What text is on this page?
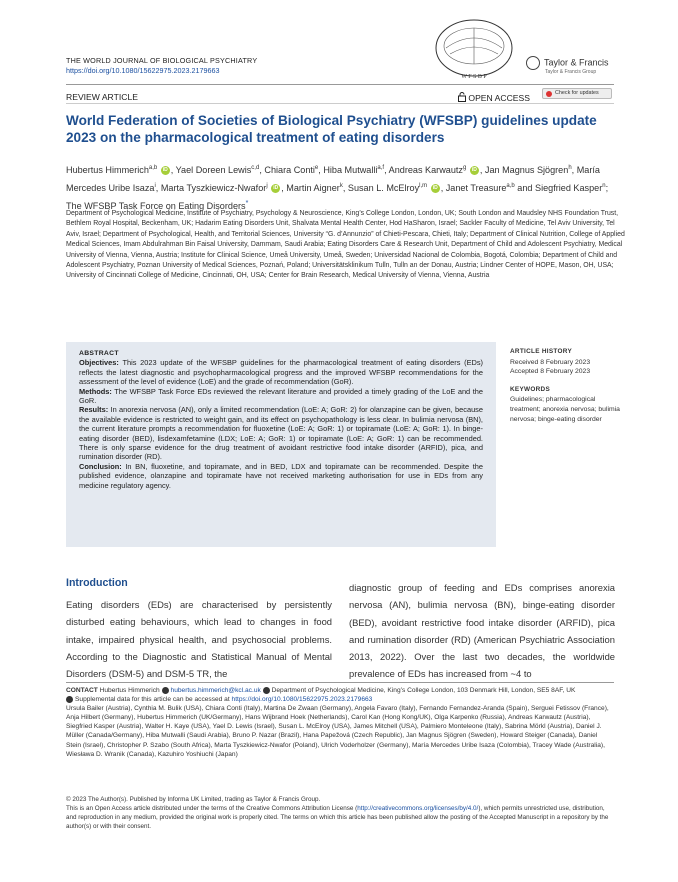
THE WORLD JOURNAL OF BIOLOGICAL PSYCHIATRY
https://doi.org/10.1080/15622975.2023.2179663
W F S B P
Taylor & Francis
Taylor & Francis Group
REVIEW ARTICLE	OPEN ACCESS	Check for updates
World Federation of Societies of Biological Psychiatry (WFSBP) guidelines update 2023 on the pharmacological treatment of eating disorders
Hubertus Himmerich$^{a,b}$ iD , Yael Doreen Lewis$^{c,d}$, Chiara Conti$^e$, Hiba Mutwalli$^{a,f}$, Andreas Karwautz$^g$ iD , Jan Magnus Sjögren$^h$, María Mercedes Uribe Isaza$^i$, Marta Tyszkiewicz-Nwafor$^j$ iD , Martin Aigner$^k$, Susan L. McElroy$^{l,m}$ iD , Janet Treasure$^{a,b}$ and Siegfried Kasper$^n$; The WFSBP Task Force on Eating Disorders*
Department of Psychological Medicine, Institute of Psychiatry, Psychology & Neuroscience, King’s College London, London, UK; South London and Maudsley NHS Foundation Trust, Bethlem Royal Hospital, Beckenham, UK; Hadarim Eating Disorders Unit, Shalvata Mental Health Center, Hod HaSharon, Israel; Sackler Faculty of Medicine, Tel Aviv University, Tel Aviv, Israel; Department of Psychological, Health, and Territorial Sciences, University “G. d’Annunzio” of Chieti-Pescara, Chieti, Italy; Department of Clinical Nutrition, College of Applied Medical Sciences, Imam Abdulrahman Bin Faisal University, Dammam, Saudi Arabia; Eating Disorders Care & Research Unit, Department of Child and Adolescent Psychiatry, Medical University of Vienna, Vienna, Austria; Institute for Clinical Science, Umeå University, Umeå, Sweden; Universidad Nacional de Colombia, Bogotá, Colombia; Department of Child and Adolescent Psychiatry, Poznan University of Medical Sciences, Poznań, Poland; Universitätsklinikum Tulln, Tulln an der Donau, Austria; Lindner Center of HOPE, Mason, OH, USA; University of Cincinnati College of Medicine, Cincinnati, OH, USA; Center for Brain Research, Medical University of Vienna, Vienna, Austria
ABSTRACT
Objectives: This 2023 update of the WFSBP guidelines for the pharmacological treatment of eating disorders (EDs) reflects the latest diagnostic and psychopharmacological progress and the improved WFSBP recommendations for the assessment of the level of evidence (LoE) and the grade of recommendation (GoR).
Methods: The WFSBP Task Force EDs reviewed the relevant literature and provided a timely grading of the LoE and the GoR.
Results: In anorexia nervosa (AN), only a limited recommendation (LoE: A; GoR: 2) for olanzapine can be given, because the available evidence is restricted to weight gain, and its effect on psychopathology is less clear. In bulimia nervosa (BN), the current literature prompts a recommendation for fluoxetine (LoE: A; GoR: 1) or topiramate (LoE: A; GoR: 1). In binge-eating disorder (BED), lisdexamfetamine (LDX; LoE: A; GoR: 1) or topiramate (LoE: A; GoR: 1) can be recommended. There is only sparse evidence for the drug treatment of avoidant restrictive food intake disorder (ARFID), pica, and rumination disorder (RD).
Conclusion: In BN, fluoxetine, and topiramate, and in BED, LDX and topiramate can be recommended. Despite the published evidence, olanzapine and topiramate have not received marketing authorisation for use in EDs from any medicine regulatory agency.
ARTICLE HISTORY
Received 8 February 2023
Accepted 8 February 2023
KEYWORDS
Guidelines; pharmacological treatment; anorexia nervosa; bulimia nervosa; binge-eating disorder
Introduction
Eating disorders (EDs) are characterised by persistently disturbed eating behaviours, which lead to changes in food intake, impaired physical health, and psychosocial problems. According to the Diagnostic and Statistical Manual of Mental Disorders (DSM-5) and DSM-5 TR, the
diagnostic group of feeding and EDs comprises anorexia nervosa (AN), bulimia nervosa (BN), binge-eating disorder (BED), avoidant restrictive food intake disorder (ARFID), pica and rumination disorder (RD) (American Psychiatric Association 2013, 2022). Over the last two decades, the worldwide prevalence of EDs has increased from ~4 to
CONTACT Hubertus Himmerich hubertus.himmerich@kcl.ac.uk Department of Psychological Medicine, King’s College London, 103 Denmark Hill, London, SE5 8AF, UK
Supplemental data for this article can be accessed at https://doi.org/10.1080/15622975.2023.2179663
Ursula Bailer (Austria), Cynthia M. Bulik (USA), Chiara Conti (Italy), Martina De Zwaan (Germany), Angela Favaro (Italy), Fernando Fernandez-Aranda (Spain), Serguei Fetissov (France), Anja Hilbert (Germany), Hubertus Himmerich (UK/Germany), Hans Wijbrand Hoek (Netherlands), Carol Kan (Hong Kong/UK), Olga Karpenko (Russia), Andreas Karwautz (Austria), Siegfried Kasper (Austria), Walter H. Kaye (USA), Yael D. Lewis (Israel), Susan L. McElroy (USA), James Mitchell (USA), Palmiero Monteleone (Italy), Sabrina Mörkl (Austria), Daniel J. Müller (Canada/Germany), Hiba Mutwalli (Saudi Arabia), Bruno P. Nazar (Brazil), Hana Papežová (Czech Republic), Jan Magnus Sjögren (Sweden), Howard Steiger (Canada), Daniel Stein (Israel), Christopher P. Szabo (South Africa), Marta Tyszkiewicz-Nwafor (Poland), Ulrich Voderholzer (Germany), María Mercedes Uribe Isaza (Colombia), Tracey Wade (Australia), Wiesława D. Wranik (Canada), Kazuhiro Yoshiuchi (Japan)
© 2023 The Author(s). Published by Informa UK Limited, trading as Taylor & Francis Group.
This is an Open Access article distributed under the terms of the Creative Commons Attribution License (http://creativecommons.org/licenses/by/4.0/), which permits unrestricted use, distribution, and reproduction in any medium, provided the original work is properly cited. The terms on which this article has been published allow the posting of the Accepted Manuscript in a repository by the author(s) or with their consent.
